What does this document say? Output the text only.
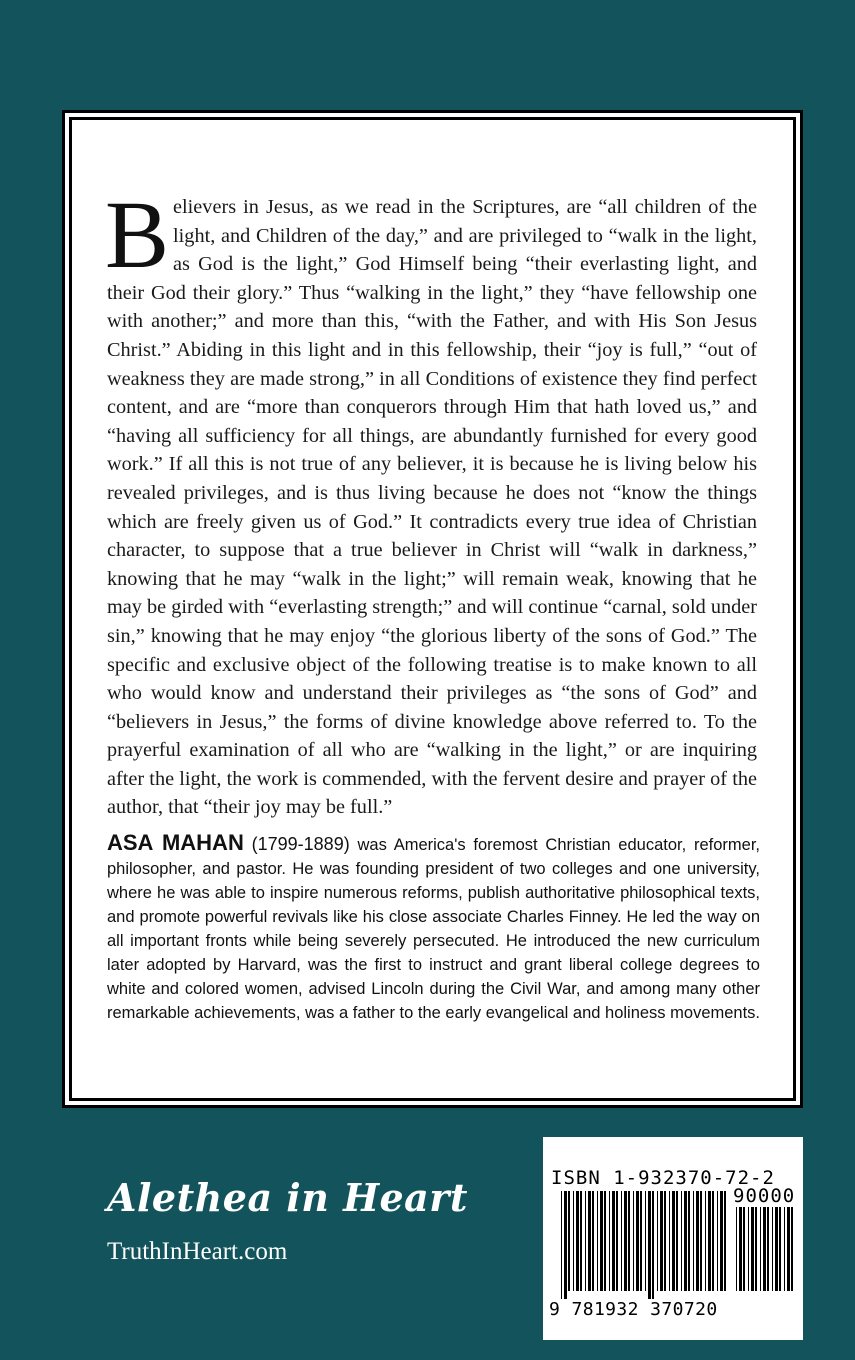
Believers in Jesus, as we read in the Scriptures, are “all children of the light, and Children of the day,” and are privileged to “walk in the light, as God is the light,” God Himself being “their everlasting light, and their God their glory.” Thus “walking in the light,” they “have fellowship one with another;” and more than this, “with the Father, and with His Son Jesus Christ.” Abiding in this light and in this fellowship, their “joy is full,” “out of weakness they are made strong,” in all Conditions of existence they find perfect content, and are “more than conquerors through Him that hath loved us,” and “having all sufficiency for all things, are abundantly furnished for every good work.” If all this is not true of any believer, it is because he is living below his revealed privileges, and is thus living because he does not “know the things which are freely given us of God.” It contradicts every true idea of Christian character, to suppose that a true believer in Christ will “walk in darkness,” knowing that he may “walk in the light;” will remain weak, knowing that he may be girded with “everlasting strength;” and will continue “carnal, sold under sin,” knowing that he may enjoy “the glorious liberty of the sons of God.” The specific and exclusive object of the following treatise is to make known to all who would know and understand their privileges as “the sons of God” and “believers in Jesus,” the forms of divine knowledge above referred to. To the prayerful examination of all who are “walking in the light,” or are inquiring after the light, the work is commended, with the fervent desire and prayer of the author, that “their joy may be full.”
ASA MAHAN (1799-1889) was America's foremost Christian educator, reformer, philosopher, and pastor. He was founding president of two colleges and one university, where he was able to inspire numerous reforms, publish authoritative philosophical texts, and promote powerful revivals like his close associate Charles Finney. He led the way on all important fronts while being severely persecuted. He introduced the new curriculum later adopted by Harvard, was the first to instruct and grant liberal college degrees to white and colored women, advised Lincoln during the Civil War, and among many other remarkable achievements, was a father to the early evangelical and holiness movements.
Alethea in Heart
TruthInHeart.com
ISBN 1-932370-72-2
90000
9 781932 370720
